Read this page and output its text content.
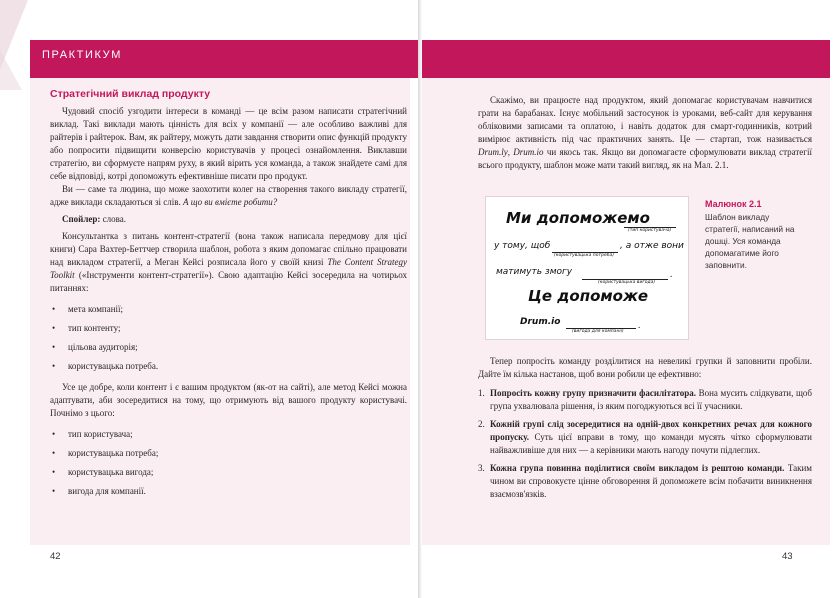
ПРАКТИКУМ
Стратегічний виклад продукту

Чудовий спосіб узгодити інтереси в команді — це всім разом написати стратегічний виклад. Такі виклади мають цінність для всіх у компанії — але особливо важливі для райтерів і райтерок. Вам, як райтеру, можуть дати завдання створити опис функцій продукту або попросити підвищити конверсію користувачів у процесі ознайомлення. Виклавши стратегію, ви сформуєте напрям руху, в який вірить уся команда, а також знайдете самі для себе відповіді, котрі допоможуть ефективніше писати про продукт.

Ви — саме та людина, що може заохотити колег на створення такого викладу стратегії, адже виклади складаються зі слів. А що ви вмієте робити?

Спойлер: слова.

Консультантка з питань контент-стратегії (вона також написала передмову для цієї книги) Сара Вахтер-Беттчер створила шаблон, робота з яким допомагає спільно працювати над викладом стратегії, а Меган Кейсі розписала його у своїй книзі The Content Strategy Toolkit («Інструменти контент-стратегії»). Свою адаптацію Кейсі зосередила на чотирьох питаннях:

• мета компанії;
• тип контенту;
• цільова аудиторія;
• користувацька потреба.

Усе це добре, коли контент і є вашим продуктом (як-от на сайті), але метод Кейсі можна адаптувати, аби зосередитися на тому, що отримують від вашого продукту користувачі. Почнімо з цього:

• тип користувача;
• користувацька потреба;
• користувацька вигода;
• вигода для компанії.
42

Скажімо, ви працюєте над продуктом, який допомагає користувачам навчитися грати на барабанах. Існує мобільний застосунок із уроками, веб-сайт для керування обліковими записами та оплатою, і навіть додаток для смарт-годинників, котрий вимірює активність під час практичних занять. Це — стартап, тож називається Drum.ly, Drum.io чи якось так. Якщо ви допомагаєте сформулювати виклад стратегії всього продукту, шаблон може мати такий вигляд, як на Мал. 2.1.

Ми допоможемо
(тип користувача)
у тому, щоб
(користувацька потреба)
, а отже вони
матимуть змогу
(користувацька вигода)
.
Це допоможе
Drum.io
(вигода для компанії)
.
Малюнок 2.1
Шаблон викладу стратегії, написаний на дошці. Уся команда допомагатиме його заповнити.

Тепер попросіть команду розділитися на невеликі групки й заповнити пробіли. Дайте їм кілька настанов, щоб вони робили це ефективно:

1. Попросіть кожну групу призначити фасилітатора. Вона мусить слідкувати, щоб група ухвалювала рішення, із яким погоджуються всі її учасники.
2. Кожній групі слід зосередитися на одній-двох конкретних речах для кожного пропуску. Суть цієї вправи в тому, що команди мусять чітко сформулювати найважливіше для них — а керівники мають нагоду почути підлеглих.
3. Кожна група повинна поділитися своїм викладом із рештою команди. Таким чином ви спровокуєте цінне обговорення й допоможете всім побачити виникнення взаємозв'язків.
43
